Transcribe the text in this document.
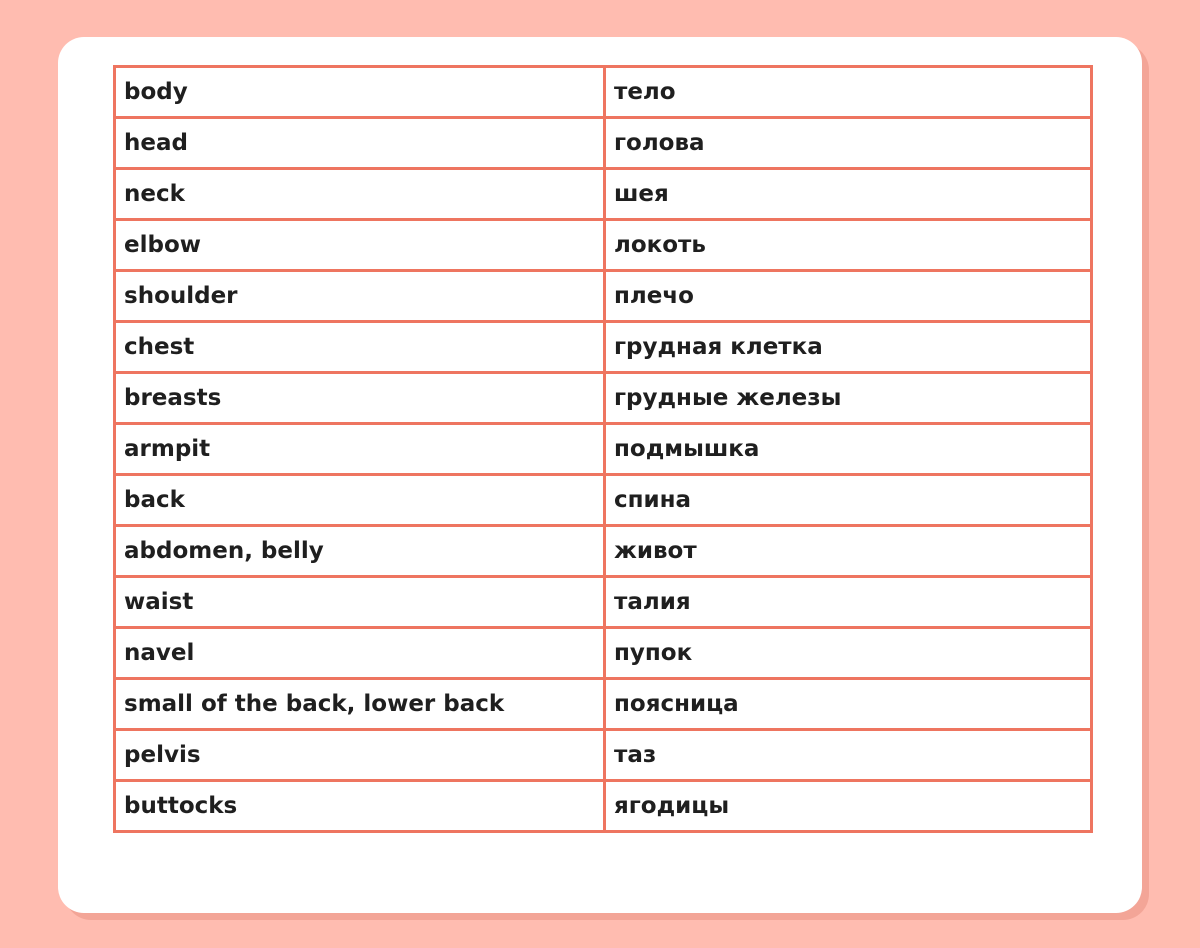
body	тело
head	голова
neck	шея
elbow	локоть
shoulder	плечо
chest	грудная клетка
breasts	грудные железы
armpit	подмышка
back	спина
abdomen, belly	живот
waist	талия
navel	пупок
small of the back, lower back	поясница
pelvis	таз
buttocks	ягодицы
